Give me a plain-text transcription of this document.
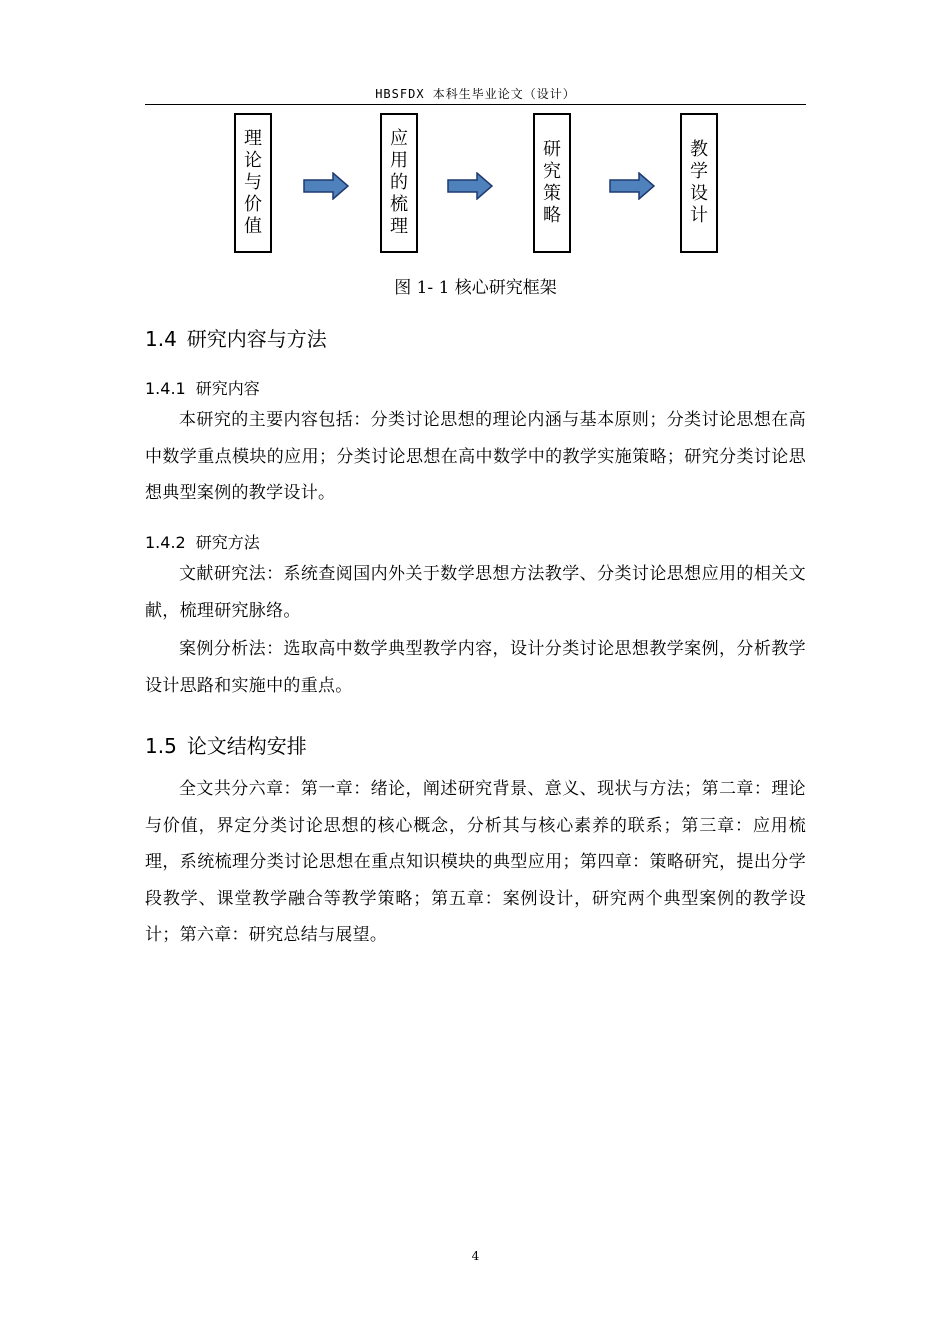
HBSFDX 本科生毕业论文（设计）
理
论
与
价
值
应
用
的
梳
理
研
究
策
略
教
学
设
计
图 1- 1 核心研究框架
1.4 研究内容与方法
1.4.1 研究内容
本研究的主要内容包括：分类讨论思想的理论内涵与基本原则；分类讨论思想在高中数学重点模块的应用；分类讨论思想在高中数学中的教学实施策略；研究分类讨论思想典型案例的教学设计。
1.4.2 研究方法
文献研究法：系统查阅国内外关于数学思想方法教学、分类讨论思想应用的相关文献，梳理研究脉络。
案例分析法：选取高中数学典型教学内容，设计分类讨论思想教学案例，分析教学设计思路和实施中的重点。
1.5 论文结构安排
全文共分六章：第一章：绪论，阐述研究背景、意义、现状与方法；第二章：理论与价值，界定分类讨论思想的核心概念，分析其与核心素养的联系；第三章：应用梳理，系统梳理分类讨论思想在重点知识模块的典型应用；第四章：策略研究，提出分学段教学、课堂教学融合等教学策略；第五章：案例设计，研究两个典型案例的教学设计；第六章：研究总结与展望。
4
